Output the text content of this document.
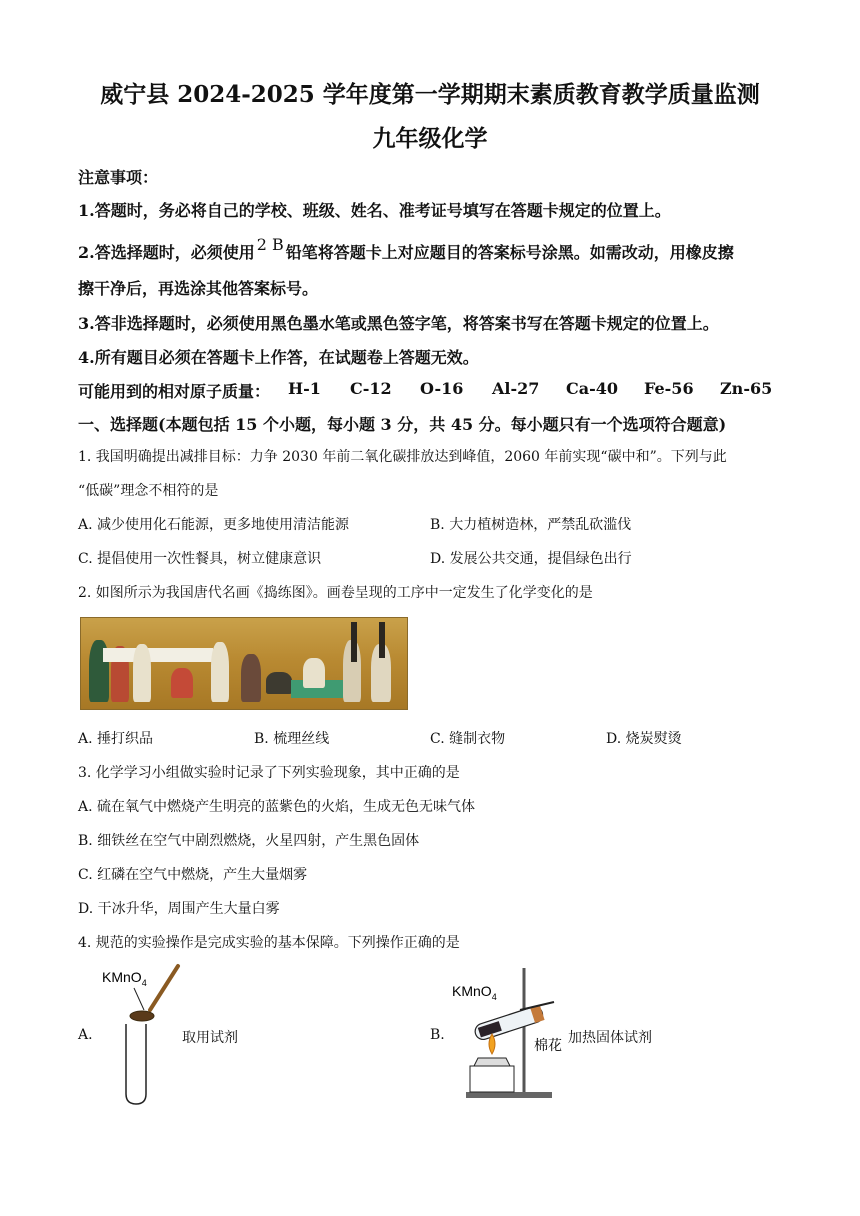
威宁县 2024-2025 学年度第一学期期末素质教育教学质量监测
九年级化学
注意事项：
1.答题时，务必将自己的学校、班级、姓名、准考证号填写在答题卡规定的位置上。
2.答选择题时，必须使用 2 B 铅笔将答题卡上对应题目的答案标号涂黑。如需改动，用橡皮擦
擦干净后，再选涂其他答案标号。
3.答非选择题时，必须使用黑色墨水笔或黑色签字笔，将答案书写在答题卡规定的位置上。
4.所有题目必须在答题卡上作答，在试题卷上答题无效。
可能用到的相对原子质量： H-1 C-12 O-16 Al-27 Ca-40 Fe-56 Zn-65
一、选择题(本题包括 15 个小题，每小题 3 分，共 45 分。每小题只有一个选项符合题意)
1. 我国明确提出减排目标：力争 2030 年前二氧化碳排放达到峰值，2060 年前实现“碳中和”。下列与此
“低碳”理念不相符的是
A. 减少使用化石能源，更多地使用清洁能源	B. 大力植树造林，严禁乱砍滥伐
C. 提倡使用一次性餐具，树立健康意识	D. 发展公共交通，提倡绿色出行
2. 如图所示为我国唐代名画《捣练图》。画卷呈现的工序中一定发生了化学变化的是
A. 捶打织品	B. 梳理丝线	C. 缝制衣物	D. 烧炭熨烫
3. 化学学习小组做实验时记录了下列实验现象，其中正确的是
A. 硫在氧气中燃烧产生明亮的蓝紫色的火焰，生成无色无味气体
B. 细铁丝在空气中剧烈燃烧，火星四射，产生黑色固体
C. 红磷在空气中燃烧，产生大量烟雾
D. 干冰升华，周围产生大量白雾
4. 规范的实验操作是完成实验的基本保障。下列操作正确的是
A.
KMnO$_4$
取用试剂	B.
KMnO$_4$
棉花 加热固体试剂
